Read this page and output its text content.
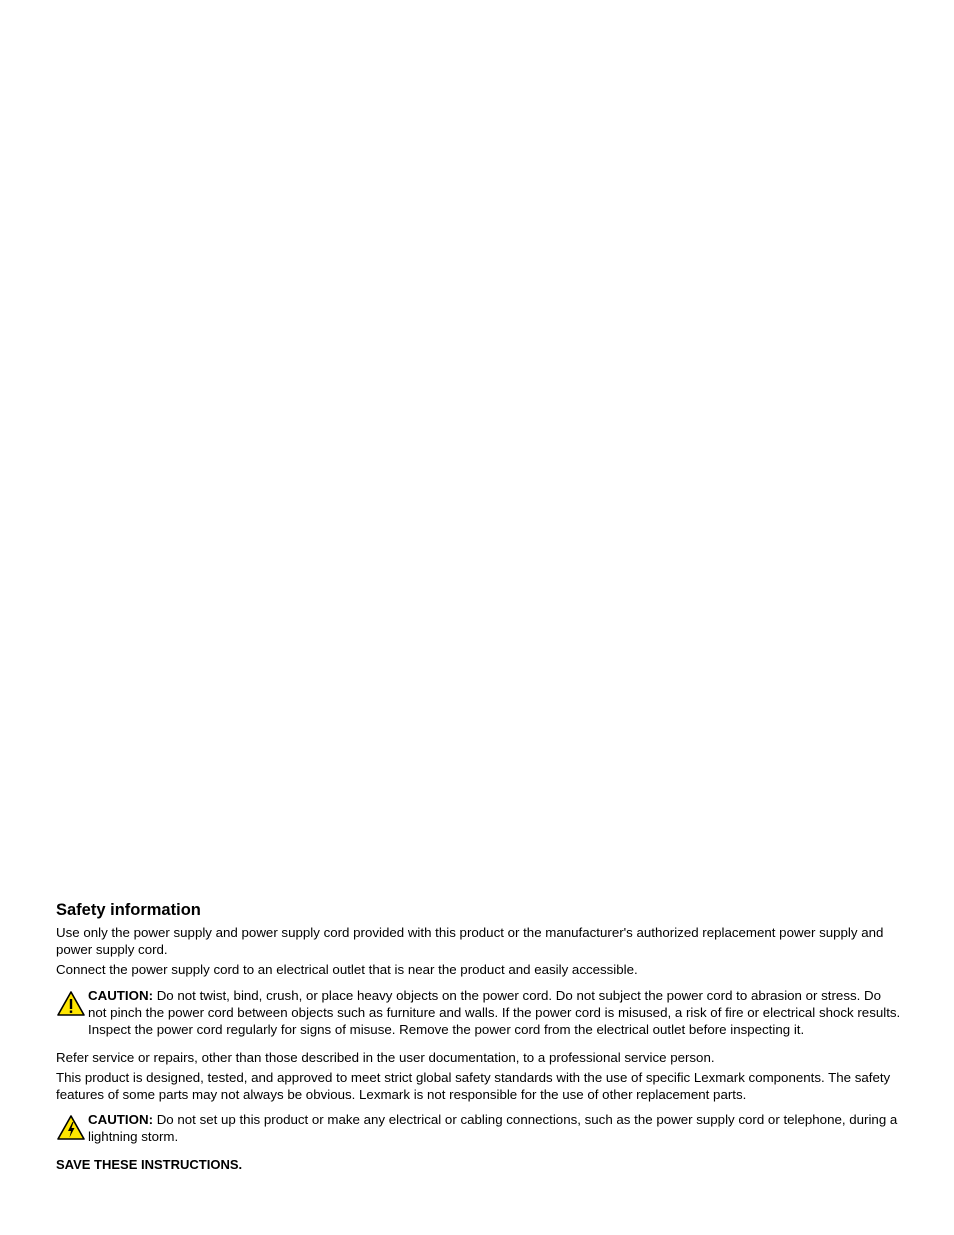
Safety information

Use only the power supply and power supply cord provided with this product or the manufacturer's authorized replacement power supply and power supply cord.

Connect the power supply cord to an electrical outlet that is near the product and easily accessible.

CAUTION: Do not twist, bind, crush, or place heavy objects on the power cord. Do not subject the power cord to abrasion or stress. Do not pinch the power cord between objects such as furniture and walls. If the power cord is misused, a risk of fire or electrical shock results. Inspect the power cord regularly for signs of misuse. Remove the power cord from the electrical outlet before inspecting it.

Refer service or repairs, other than those described in the user documentation, to a professional service person.

This product is designed, tested, and approved to meet strict global safety standards with the use of specific Lexmark components. The safety features of some parts may not always be obvious. Lexmark is not responsible for the use of other replacement parts.

CAUTION: Do not set up this product or make any electrical or cabling connections, such as the power supply cord or telephone, during a lightning storm.

SAVE THESE INSTRUCTIONS.
